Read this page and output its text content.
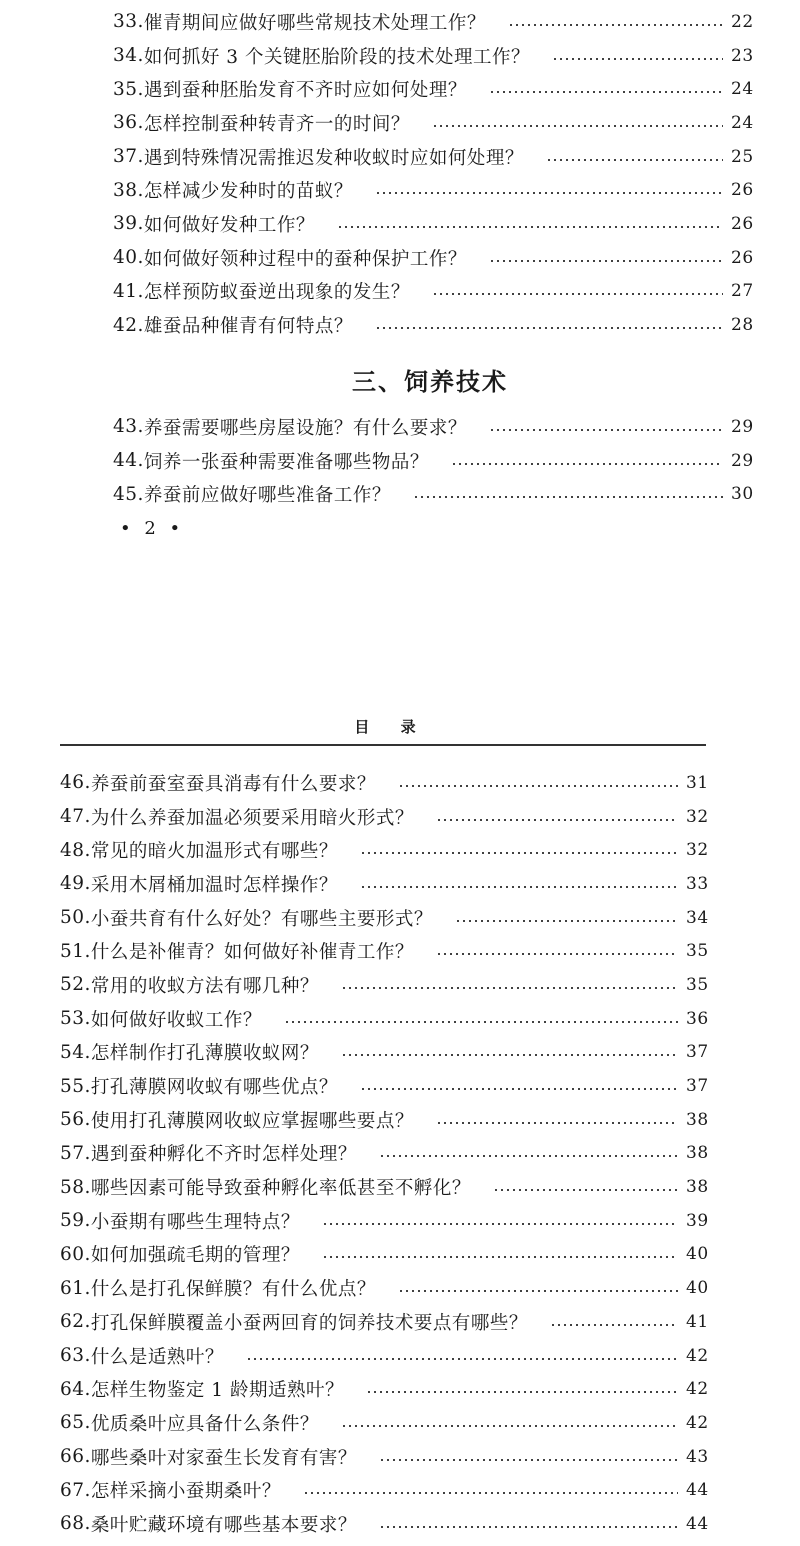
33. 催青期间应做好哪些常规技术处理工作？	22
34. 如何抓好 3 个关键胚胎阶段的技术处理工作？	23
35. 遇到蚕种胚胎发育不齐时应如何处理？	24
36. 怎样控制蚕种转青齐一的时间？	24
37. 遇到特殊情况需推迟发种收蚁时应如何处理？	25
38. 怎样减少发种时的苗蚁？	26
39. 如何做好发种工作？	26
40. 如何做好领种过程中的蚕种保护工作？	26
41. 怎样预防蚁蚕逆出现象的发生？	27
42. 雄蚕品种催青有何特点？	28
三、饲养技术
43. 养蚕需要哪些房屋设施？有什么要求？	29
44. 饲养一张蚕种需要准备哪些物品？	29
45. 养蚕前应做好哪些准备工作？	30
• 2 •
目 录
46. 养蚕前蚕室蚕具消毒有什么要求？	31
47. 为什么养蚕加温必须要采用暗火形式？	32
48. 常见的暗火加温形式有哪些？	32
49. 采用木屑桶加温时怎样操作？	33
50. 小蚕共育有什么好处？有哪些主要形式？	34
51. 什么是补催青？如何做好补催青工作？	35
52. 常用的收蚁方法有哪几种？	35
53. 如何做好收蚁工作？	36
54. 怎样制作打孔薄膜收蚁网？	37
55. 打孔薄膜网收蚁有哪些优点？	37
56. 使用打孔薄膜网收蚁应掌握哪些要点？	38
57. 遇到蚕种孵化不齐时怎样处理？	38
58. 哪些因素可能导致蚕种孵化率低甚至不孵化？	38
59. 小蚕期有哪些生理特点？	39
60. 如何加强疏毛期的管理？	40
61. 什么是打孔保鲜膜？有什么优点？	40
62. 打孔保鲜膜覆盖小蚕两回育的饲养技术要点有哪些？	41
63. 什么是适熟叶？	42
64. 怎样生物鉴定 1 龄期适熟叶？	42
65. 优质桑叶应具备什么条件？	42
66. 哪些桑叶对家蚕生长发育有害？	43
67. 怎样采摘小蚕期桑叶？	44
68. 桑叶贮藏环境有哪些基本要求？	44
